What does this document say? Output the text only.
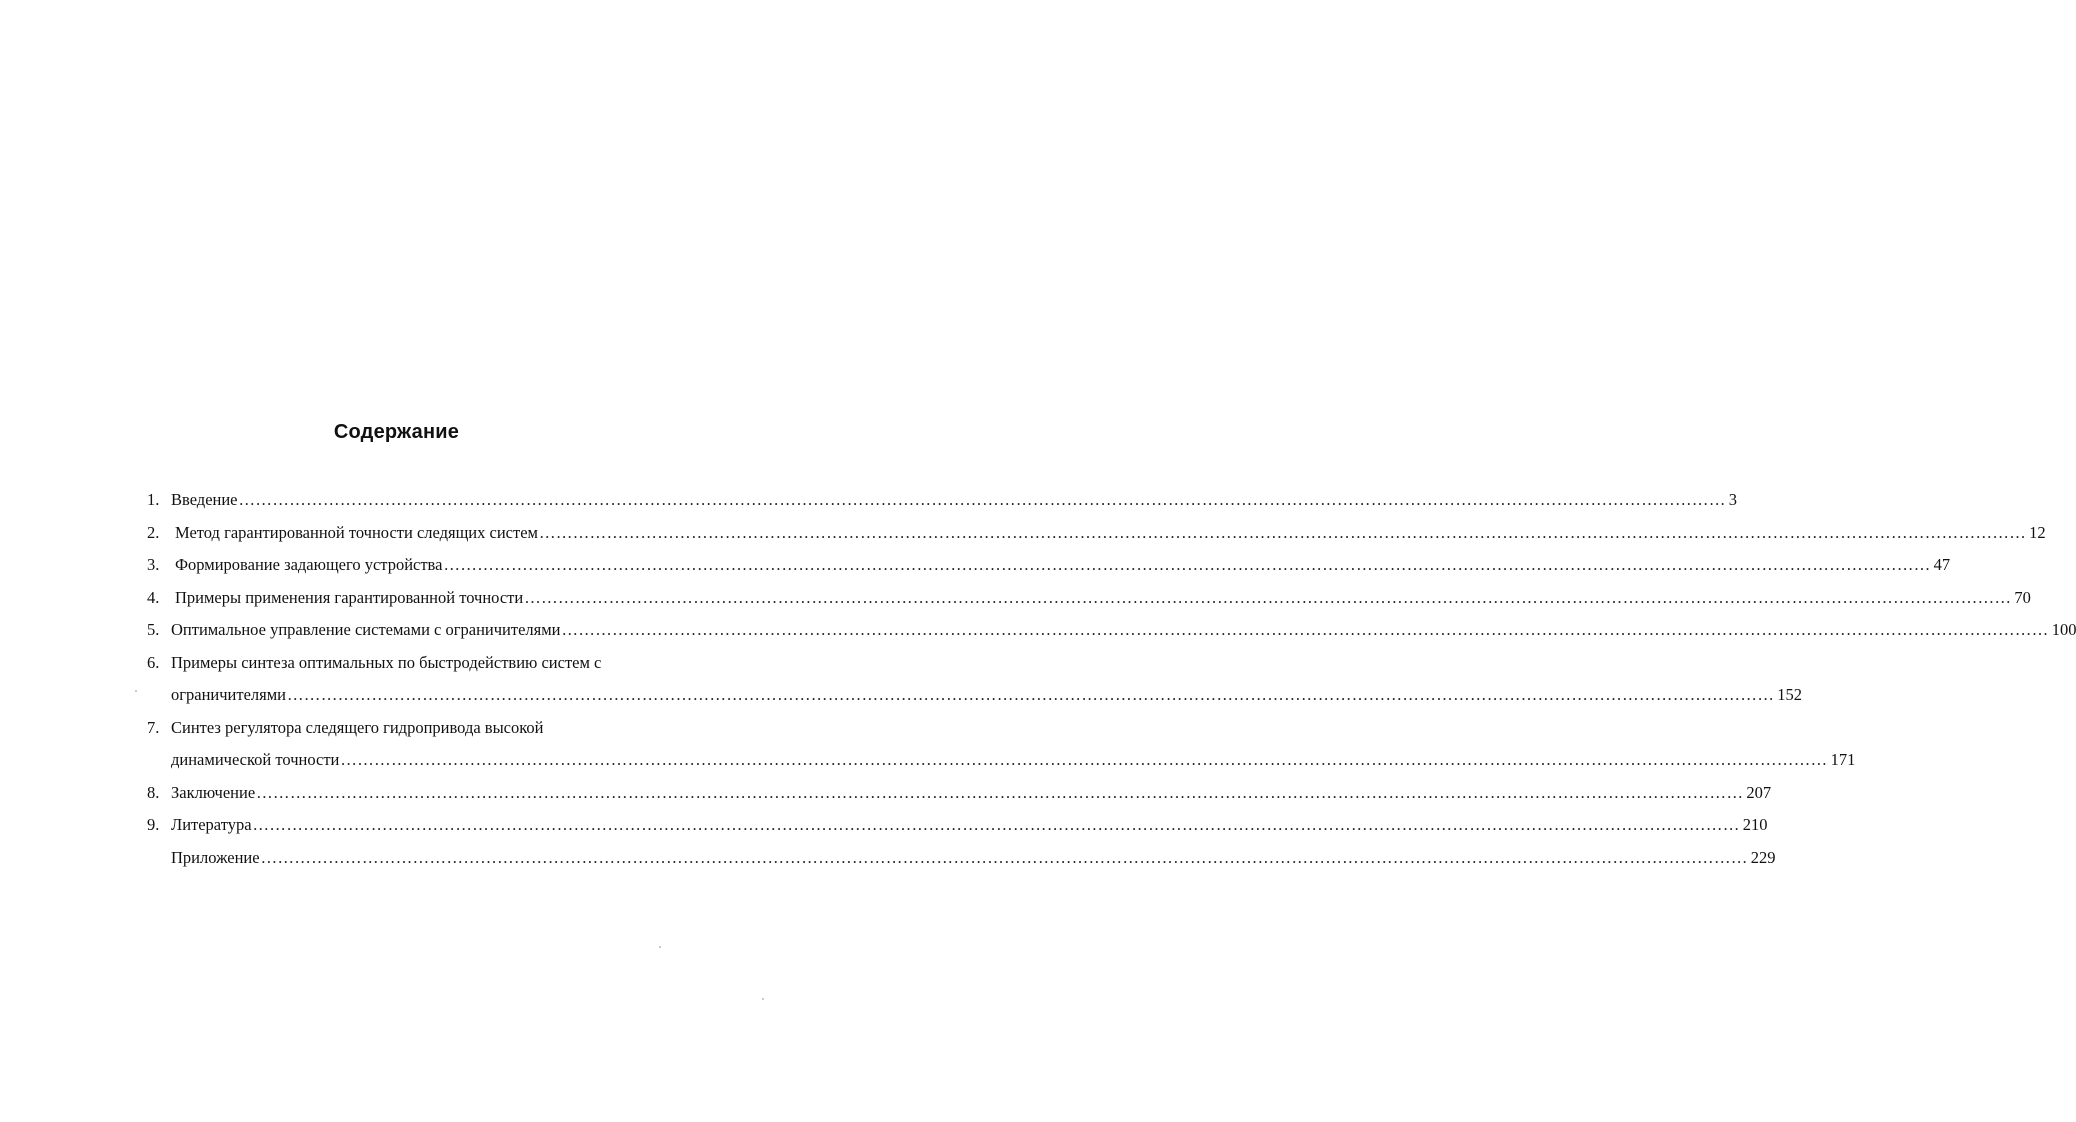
Содержание
1. Введение ………………………………………………………………………………………………………………………………………………………………………………………………………………………………………… 3
2. Метод гарантированной точности следящих систем ………………………………………………………………………………………………………………………………………………………………………………………………………………………………………… 12
3. Формирование задающего устройства ………………………………………………………………………………………………………………………………………………………………………………………………………………………………………… 47
4. Примеры применения гарантированной точности ………………………………………………………………………………………………………………………………………………………………………………………………………………………………………… 70
5. Оптимальное управление системами с ограничителями ………………………………………………………………………………………………………………………………………………………………………………………………………………………………………… 100
6. Примеры синтеза оптимальных по быстродействию систем с
ограничителями ………………………………………………………………………………………………………………………………………………………………………………………………………………………………………… 152
7. Синтез регулятора следящего гидропривода высокой
динамической точности ………………………………………………………………………………………………………………………………………………………………………………………………………………………………………… 171
8. Заключение ………………………………………………………………………………………………………………………………………………………………………………………………………………………………………… 207
9. Литература ………………………………………………………………………………………………………………………………………………………………………………………………………………………………………… 210
Приложение ………………………………………………………………………………………………………………………………………………………………………………………………………………………………………… 229
